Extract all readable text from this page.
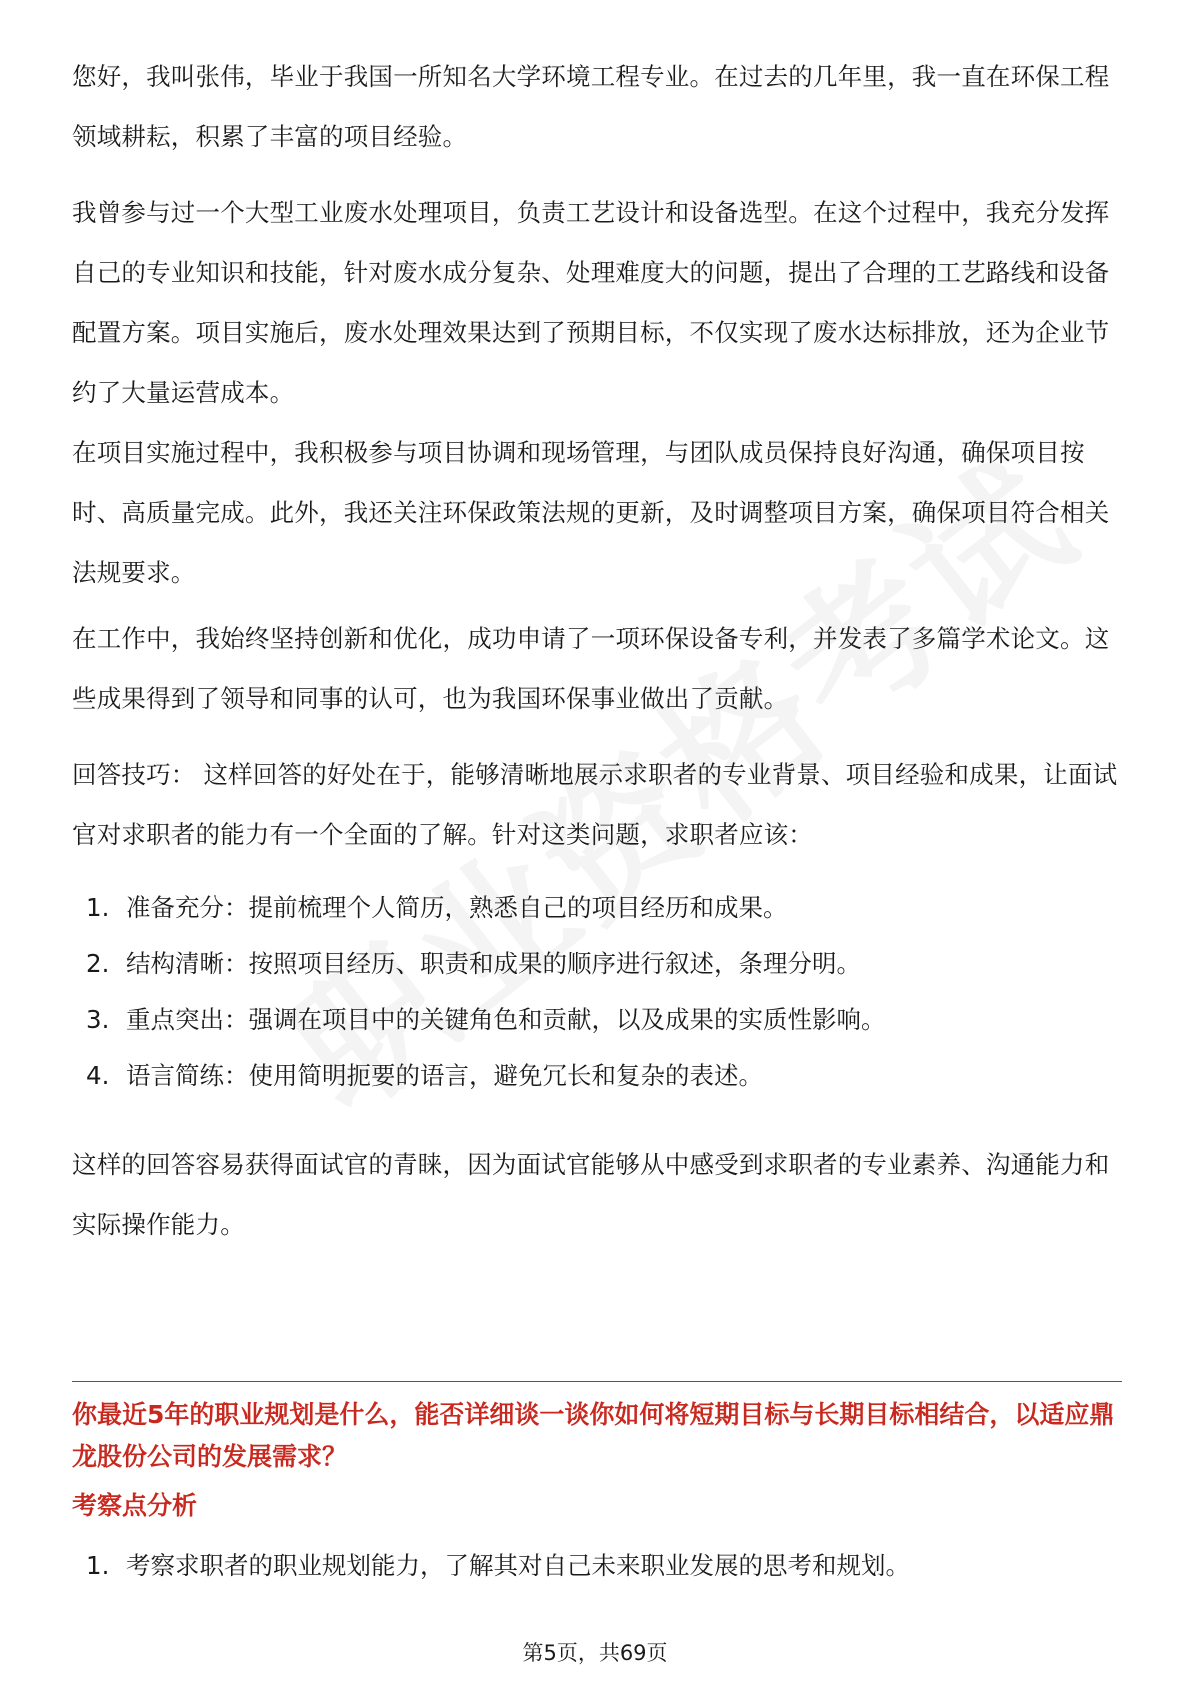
您好，我叫张伟，毕业于我国一所知名大学环境工程专业。在过去的几年里，我一直在环保工程领域耕耘，积累了丰富的项目经验。

我曾参与过一个大型工业废水处理项目，负责工艺设计和设备选型。在这个过程中，我充分发挥自己的专业知识和技能，针对废水成分复杂、处理难度大的问题，提出了合理的工艺路线和设备配置方案。项目实施后，废水处理效果达到了预期目标，不仅实现了废水达标排放，还为企业节约了大量运营成本。

在项目实施过程中，我积极参与项目协调和现场管理，与团队成员保持良好沟通，确保项目按时、高质量完成。此外，我还关注环保政策法规的更新，及时调整项目方案，确保项目符合相关法规要求。

在工作中，我始终坚持创新和优化，成功申请了一项环保设备专利，并发表了多篇学术论文。这些成果得到了领导和同事的认可，也为我国环保事业做出了贡献。

回答技巧： 这样回答的好处在于，能够清晰地展示求职者的专业背景、项目经验和成果，让面试官对求职者的能力有一个全面的了解。针对这类问题，求职者应该：

1. 准备充分：提前梳理个人简历，熟悉自己的项目经历和成果。

2. 结构清晰：按照项目经历、职责和成果的顺序进行叙述，条理分明。

3. 重点突出：强调在项目中的关键角色和贡献，以及成果的实质性影响。

4. 语言简练：使用简明扼要的语言，避免冗长和复杂的表述。

这样的回答容易获得面试官的青睐，因为面试官能够从中感受到求职者的专业素养、沟通能力和实际操作能力。

你最近5年的职业规划是什么，能否详细谈一谈你如何将短期目标与长期目标相结合，以适应鼎龙股份公司的发展需求？

考察点分析

1. 考察求职者的职业规划能力，了解其对自己未来职业发展的思考和规划。

第5页，共69页
